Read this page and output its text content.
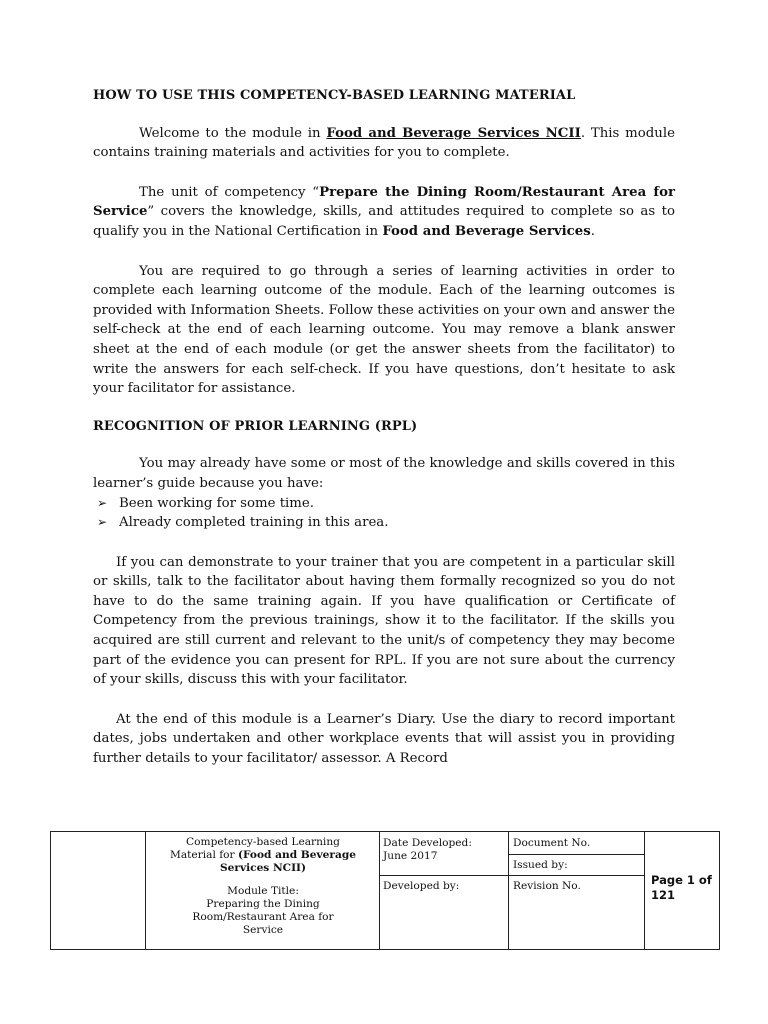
HOW TO USE THIS COMPETENCY-BASED LEARNING MATERIAL

Welcome to the module in Food and Beverage Services NCII. This module contains training materials and activities for you to complete.

The unit of competency “Prepare the Dining Room/Restaurant Area for Service” covers the knowledge, skills, and attitudes required to complete so as to qualify you in the National Certification in Food and Beverage Services.

You are required to go through a series of learning activities in order to complete each learning outcome of the module. Each of the learning outcomes is provided with Information Sheets. Follow these activities on your own and answer the self-check at the end of each learning outcome. You may remove a blank answer sheet at the end of each module (or get the answer sheets from the facilitator) to write the answers for each self-check. If you have questions, don’t hesitate to ask your facilitator for assistance.

RECOGNITION OF PRIOR LEARNING (RPL)

You may already have some or most of the knowledge and skills covered in this learner’s guide because you have:

➢ Been working for some time.
➢ Already completed training in this area.

If you can demonstrate to your trainer that you are competent in a particular skill or skills, talk to the facilitator about having them formally recognized so you do not have to do the same training again. If you have qualification or Certificate of Competency from the previous trainings, show it to the facilitator. If the skills you acquired are still current and relevant to the unit/s of competency they may become part of the evidence you can present for RPL. If you are not sure about the currency of your skills, discuss this with your facilitator.

At the end of this module is a Learner’s Diary. Use the diary to record important dates, jobs undertaken and other workplace events that will assist you in providing further details to your facilitator/ assessor. A Record

Competency-based Learning
Material for (Food and Beverage
Services NCII)
Module Title:
Preparing the Dining
Room/Restaurant Area for
Service
Date Developed:
June 2017
Document No.
Issued by:
Developed by:	Revision No.	Page 1 of
121
